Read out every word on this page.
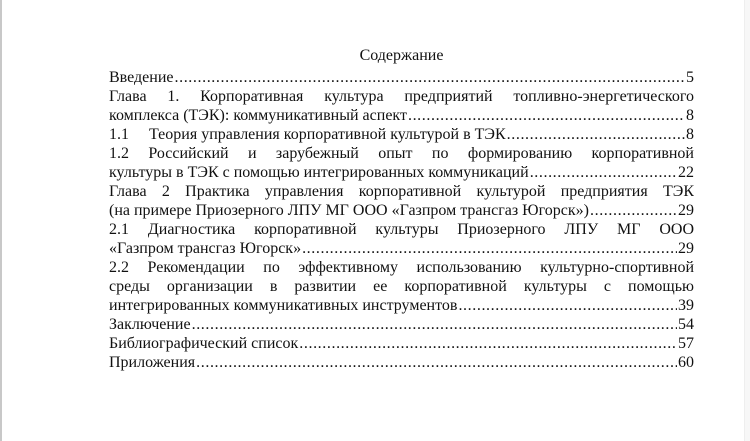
Содержание
Введение .....	5
Глава 1. Корпоративная культура предприятий топливно-энергетического
комплекса (ТЭК): коммуникативный аспект .....	8
1.1 Теория управления корпоративной культурой в ТЭК .....	8
1.2 Российский и зарубежный опыт по формированию корпоративной
культуры в ТЭК с помощью интегрированных коммуникаций .....	22
Глава 2 Практика управления корпоративной культурой предприятия ТЭК
(на примере Приозерного ЛПУ МГ ООО «Газпром трансгаз Югорск») .....	29
2.1 Диагностика корпоративной культуры Приозерного ЛПУ МГ ООО
«Газпром трансгаз Югорск» .....	29
2.2 Рекомендации по эффективному использованию культурно-спортивной
среды организации в развитии ее корпоративной культуры с помощью
интегрированных коммуникативных инструментов .....	39
Заключение .....	54
Библиографический список .....	57
Приложения .....	60
